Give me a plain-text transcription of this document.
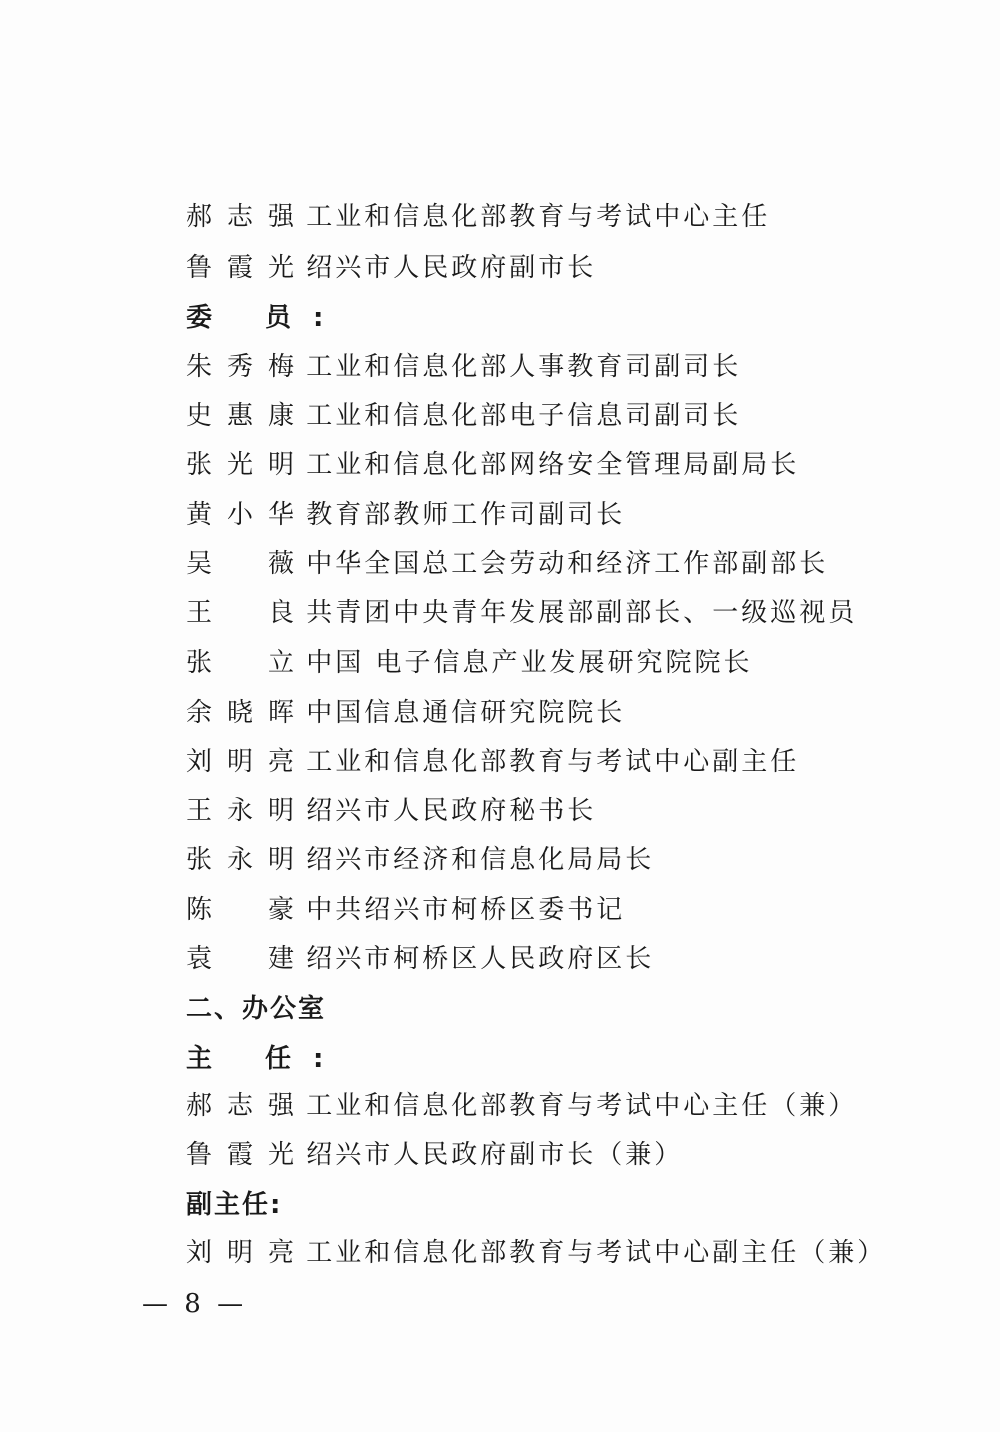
郝志强 工业和信息化部教育与考试中心主任
鲁霞光 绍兴市人民政府副市长
委 员:
朱秀梅 工业和信息化部人事教育司副司长
史惠康 工业和信息化部电子信息司副司长
张光明 工业和信息化部网络安全管理局副局长
黄小华 教育部教师工作司副司长
吴 薇 中华全国总工会劳动和经济工作部副部长
王 良 共青团中央青年发展部副部长、一级巡视员
张 立 中国 电子信息产业发展研究院院长
余晓晖 中国信息通信研究院院长
刘明亮 工业和信息化部教育与考试中心副主任
王永明 绍兴市人民政府秘书长
张永明 绍兴市经济和信息化局局长
陈 豪 中共绍兴市柯桥区委书记
袁 建 绍兴市柯桥区人民政府区长
二、办公室
主 任:
郝志强 工业和信息化部教育与考试中心主任（兼）
鲁霞光 绍兴市人民政府副市长（兼）
副主任:
刘明亮 工业和信息化部教育与考试中心副主任（兼）
— 8 —
